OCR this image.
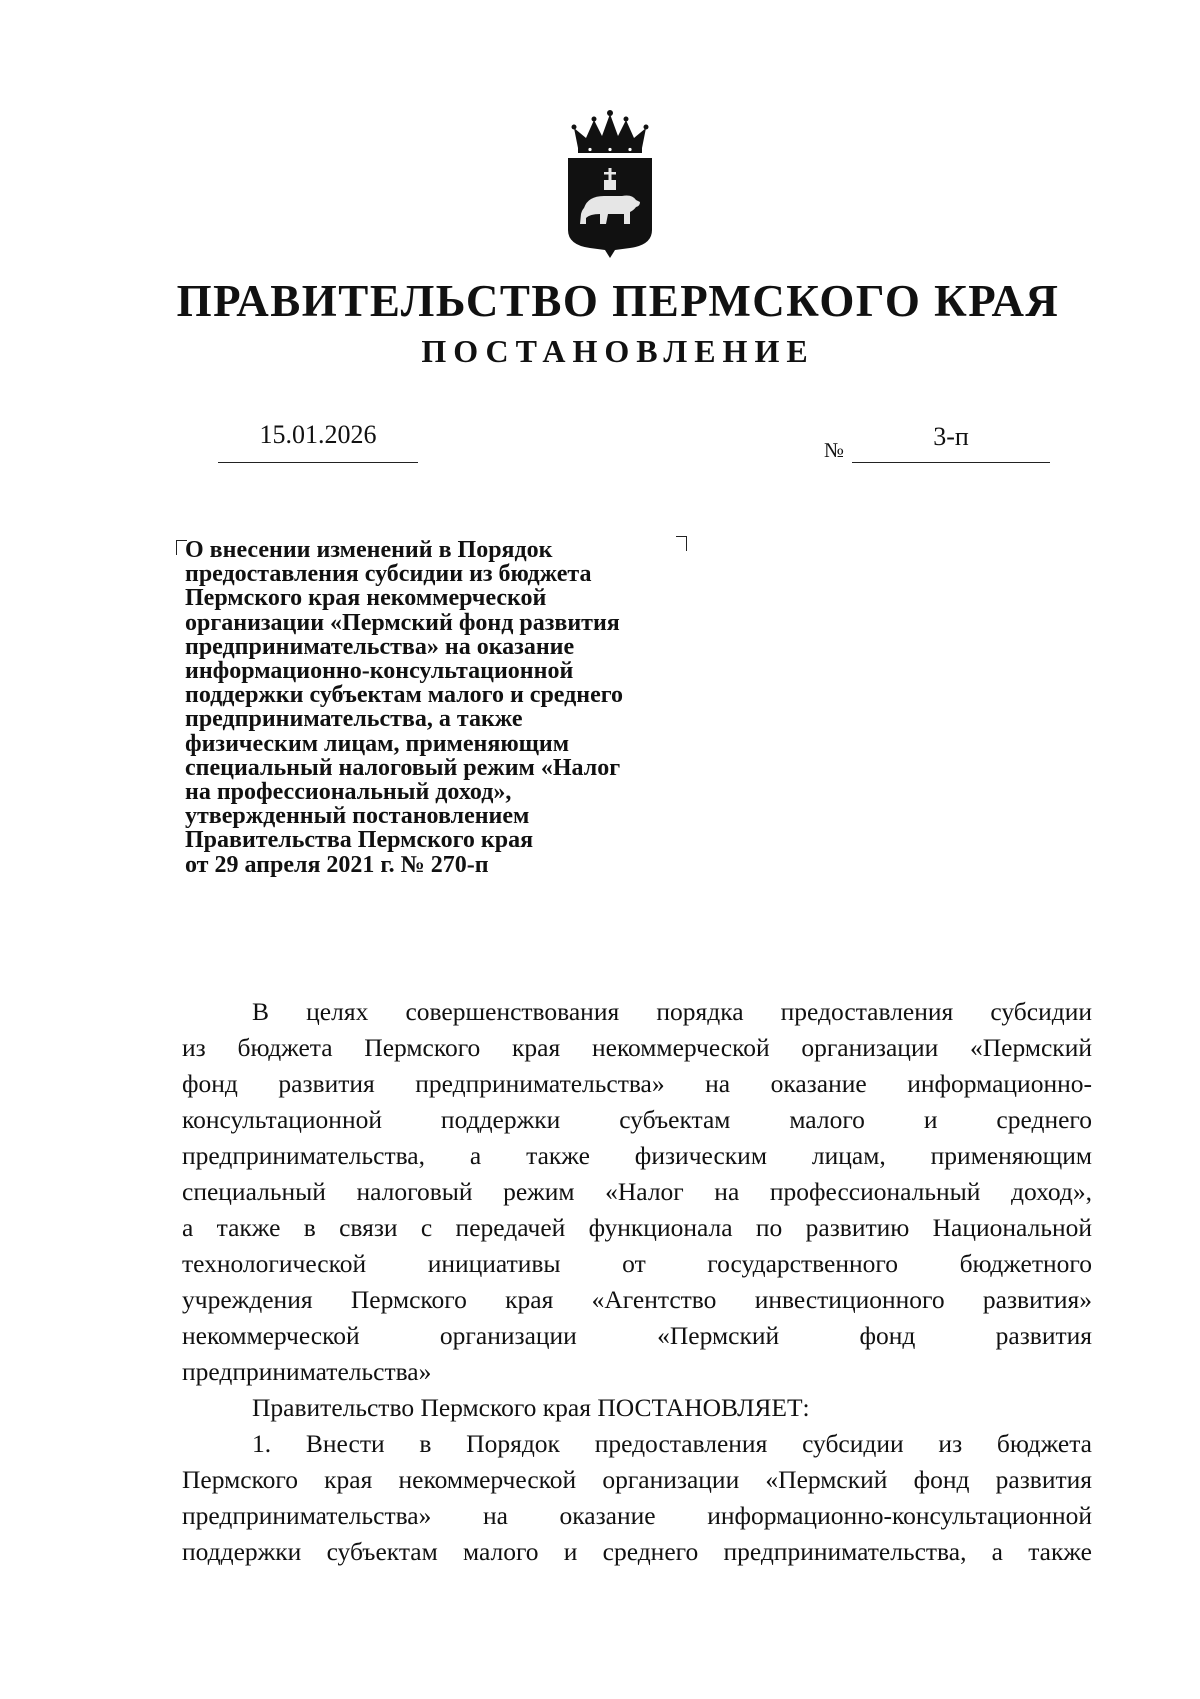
ПРАВИТЕЛЬСТВО ПЕРМСКОГО КРАЯ
ПОСТАНОВЛЕНИЕ
15.01.2026
№	3-п
О внесении изменений в Порядок
предоставления субсидии из бюджета
Пермского края некоммерческой
организации «Пермский фонд развития
предпринимательства» на оказание
информационно-консультационной
поддержки субъектам малого и среднего
предпринимательства, а также
физическим лицам, применяющим
специальный налоговый режим «Налог
на профессиональный доход»,
утвержденный постановлением
Правительства Пермского края
от 29 апреля 2021 г. № 270-п
В целях совершенствования порядка предоставления субсидии
из бюджета Пермского края некоммерческой организации «Пермский
фонд развития предпринимательства» на оказание информационно-
консультационной поддержки субъектам малого и среднего
предпринимательства, а также физическим лицам, применяющим
специальный налоговый режим «Налог на профессиональный доход»,
а также в связи с передачей функционала по развитию Национальной
технологической инициативы от государственного бюджетного
учреждения Пермского края «Агентство инвестиционного развития»
некоммерческой организации «Пермский фонд развития
предпринимательства»
Правительство Пермского края ПОСТАНОВЛЯЕТ:
1. Внести в Порядок предоставления субсидии из бюджета
Пермского края некоммерческой организации «Пермский фонд развития
предпринимательства» на оказание информационно-консультационной
поддержки субъектам малого и среднего предпринимательства, а также
